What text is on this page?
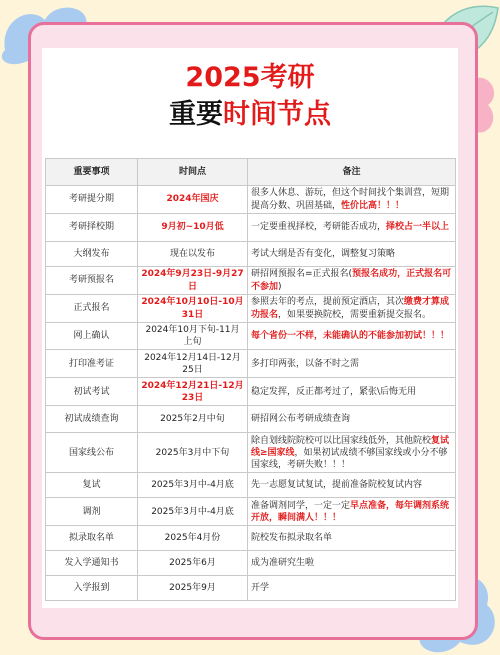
2025考研
重要时间节点
重要事项	时间点	备注
考研提分期	2024年国庆	很多人休息、游玩，但这个时间找个集训营，短期提高分数、巩固基础，性价比高！！！
考研择校期	9月初~10月低	一定要重视择校，考研能否成功，择校占一半以上
大纲发布	现在以发布	考试大纲是否有变化，调整复习策略
考研预报名	2024年9月23日-9月27日	研招网预报名=正式报名(预报名成功，正式报名可不参加)
正式报名	2024年10月10日-10月31日	参照去年的考点，提前预定酒店，其次缴费才算成功报名，如果要换院校，需要重新提交报名。
网上确认	2024年10月下旬-11月上旬	每个省份一不样，未能确认的不能参加初试！！！
打印准考证	2024年12月14日-12月25日	多打印两张，以备不时之需
初试考试	2024年12月21日-12月23日	稳定发挥，反正都考过了，紧张\后悔无用
初试成绩查询	2025年2月中旬	研招网公布考研成绩查询
国家线公布	2025年3月中下旬	除自划线院院校可以比国家线低外，其他院校复试线≥国家线，如果初试成绩不够国家线或小分不够国家线，考研失败！！！
复试	2025年3月中-4月底	先一志愿复试复试，提前准备院校复试内容
调剂	2025年3月中-4月底	准备调剂同学，一定一定早点准备，每年调剂系统开放，瞬间满人！！！
拟录取名单	2025年4月份	院校发布拟录取名单
发入学通知书	2025年6月	成为准研究生啦
入学报到	2025年9月	开学
